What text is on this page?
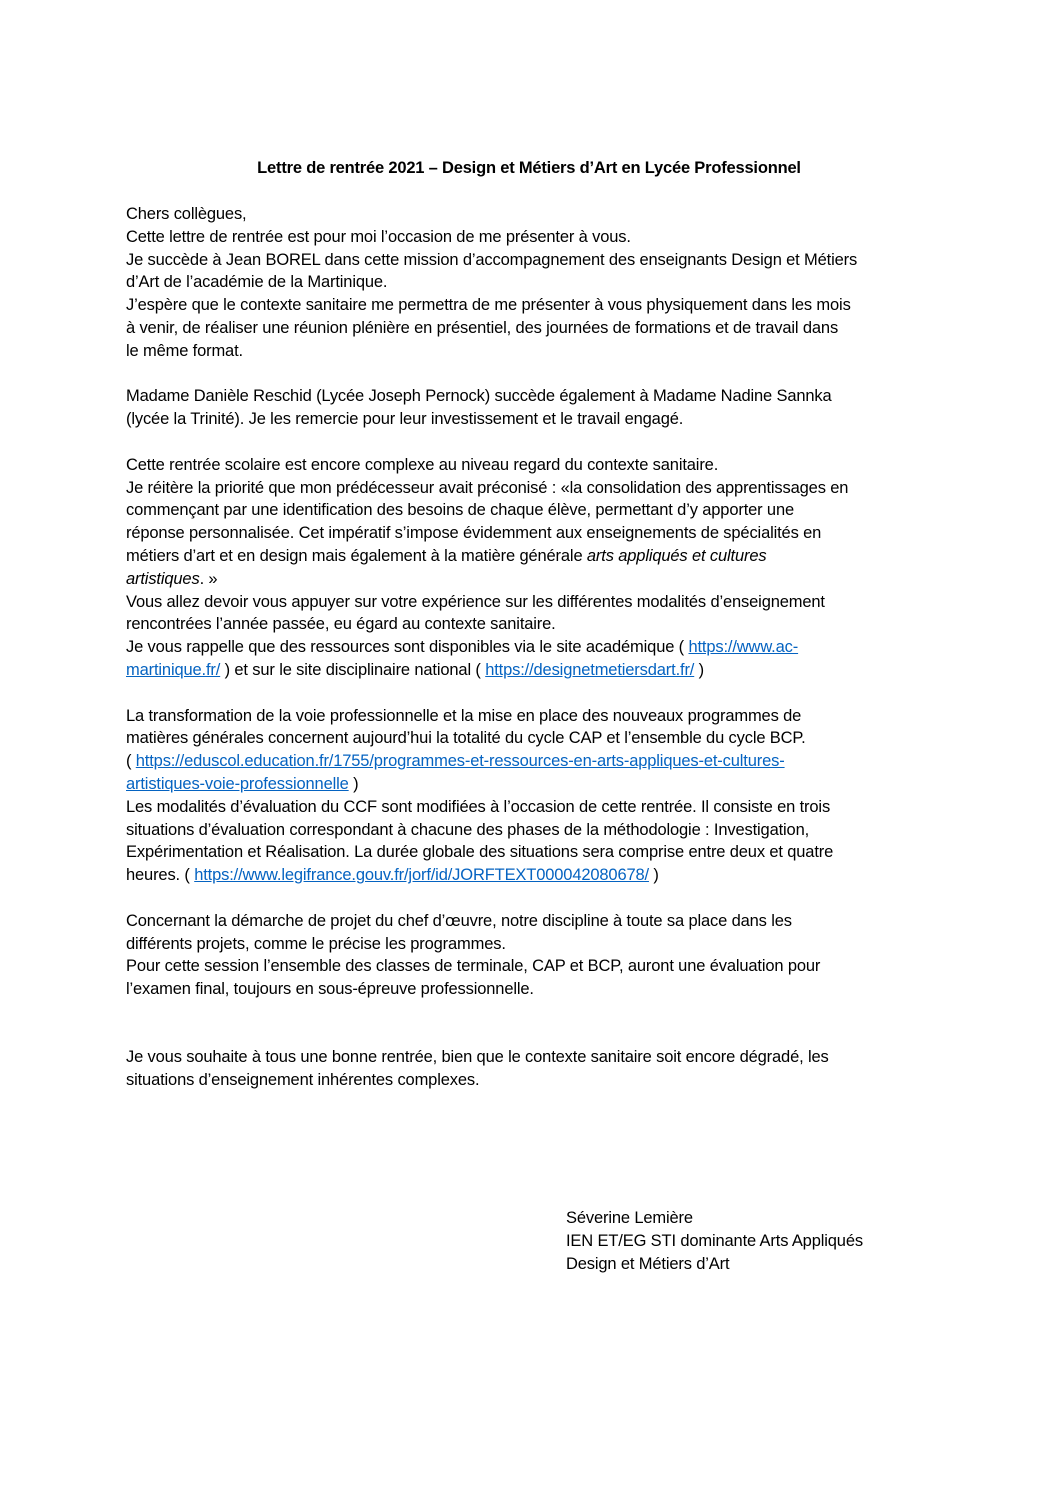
Lettre de rentrée 2021 – Design et Métiers d’Art en Lycée Professionnel

Chers collègues,

Cette lettre de rentrée est pour moi l’occasion de me présenter à vous.

Je succède à Jean BOREL dans cette mission d’accompagnement des enseignants Design et Métiers

d’Art de l’académie de la Martinique.

J’espère que le contexte sanitaire me permettra de me présenter à vous physiquement dans les mois

à venir, de réaliser une réunion plénière en présentiel, des journées de formations et de travail dans

le même format.

Madame Danièle Reschid (Lycée Joseph Pernock) succède également à Madame Nadine Sannka

(lycée la Trinité). Je les remercie pour leur investissement et le travail engagé.

Cette rentrée scolaire est encore complexe au niveau regard du contexte sanitaire.

Je réitère la priorité que mon prédécesseur avait préconisé : «la consolidation des apprentissages en

commençant par une identification des besoins de chaque élève, permettant d’y apporter une

réponse personnalisée. Cet impératif s’impose évidemment aux enseignements de spécialités en

métiers d’art et en design mais également à la matière générale arts appliqués et cultures

artistiques. »

Vous allez devoir vous appuyer sur votre expérience sur les différentes modalités d’enseignement

rencontrées l’année passée, eu égard au contexte sanitaire.

Je vous rappelle que des ressources sont disponibles via le site académique ( https://www.ac-

martinique.fr/ ) et sur le site disciplinaire national ( https://designetmetiersdart.fr/ )

La transformation de la voie professionnelle et la mise en place des nouveaux programmes de

matières générales concernent aujourd’hui la totalité du cycle CAP et l’ensemble du cycle BCP.

( https://eduscol.education.fr/1755/programmes-et-ressources-en-arts-appliques-et-cultures-

artistiques-voie-professionnelle )

Les modalités d’évaluation du CCF sont modifiées à l’occasion de cette rentrée. Il consiste en trois

situations d’évaluation correspondant à chacune des phases de la méthodologie : Investigation,

Expérimentation et Réalisation. La durée globale des situations sera comprise entre deux et quatre

heures. ( https://www.legifrance.gouv.fr/jorf/id/JORFTEXT000042080678/ )

Concernant la démarche de projet du chef d’œuvre, notre discipline à toute sa place dans les

différents projets, comme le précise les programmes.

Pour cette session l’ensemble des classes de terminale, CAP et BCP, auront une évaluation pour

l’examen final, toujours en sous-épreuve professionnelle.

Je vous souhaite à tous une bonne rentrée, bien que le contexte sanitaire soit encore dégradé, les

situations d’enseignement inhérentes complexes.

Séverine Lemière
IEN ET/EG STI dominante Arts Appliqués
Design et Métiers d’Art
